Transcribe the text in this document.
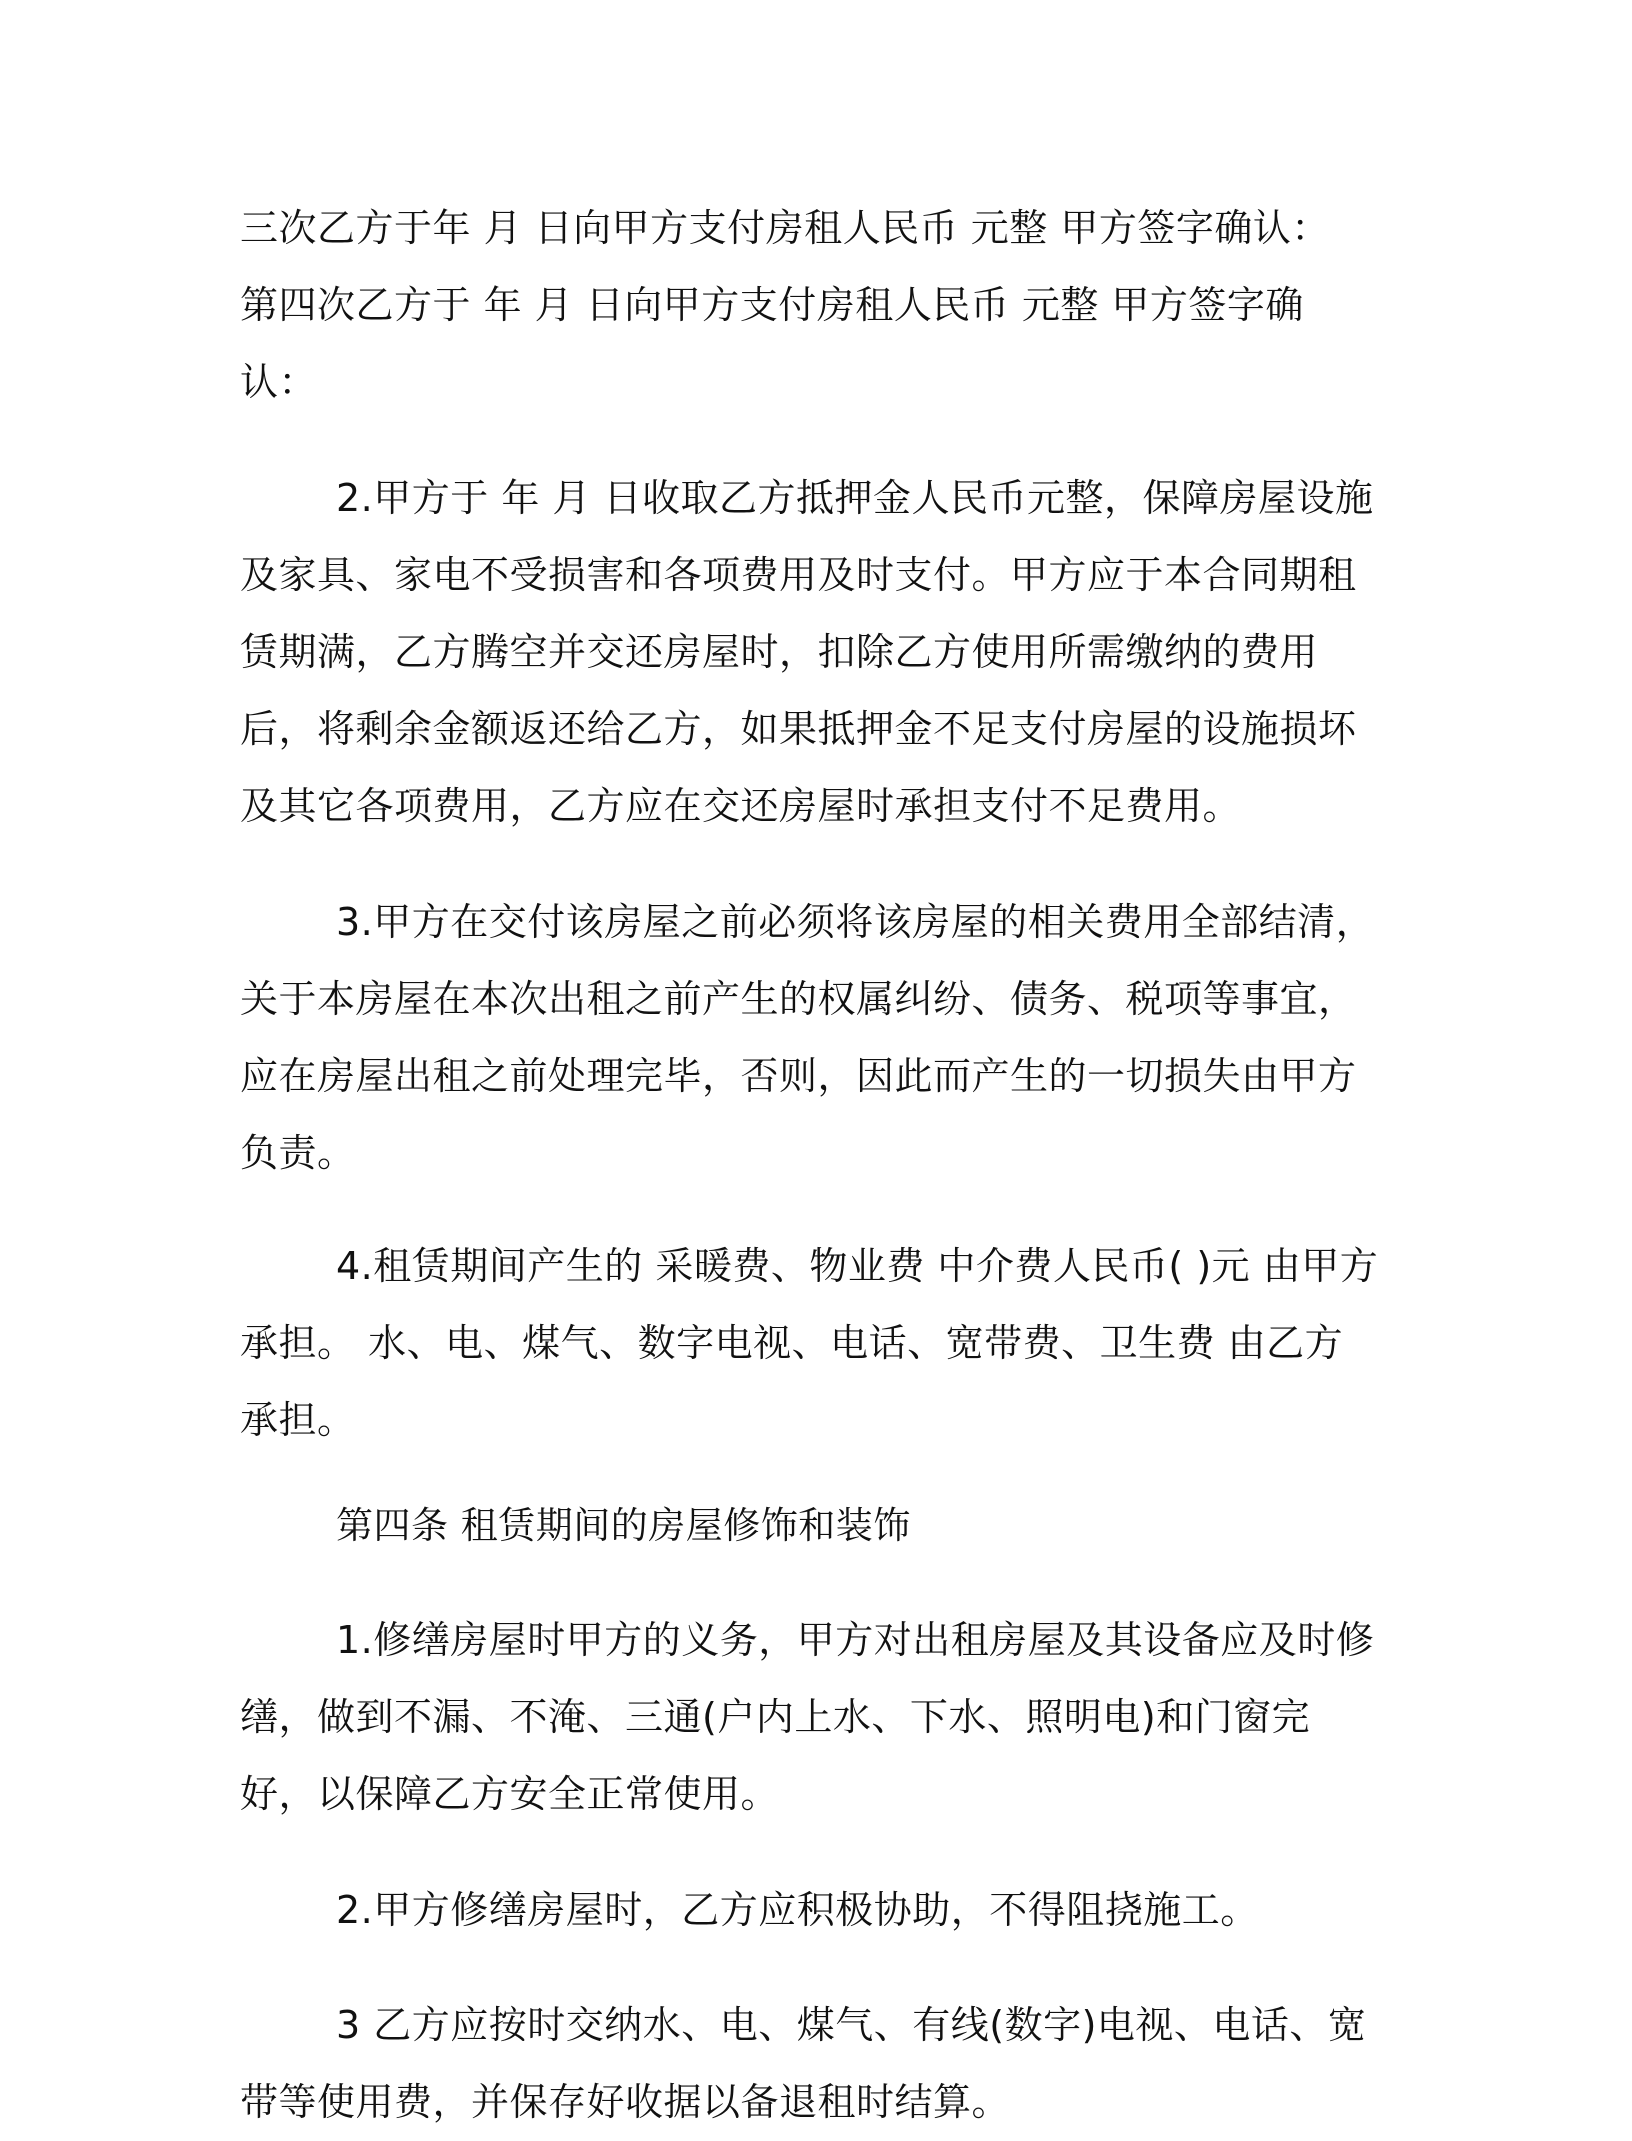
三次乙方于年 月 日向甲方支付房租人民币 元整 甲方签字确认： 第四次乙方于 年 月 日向甲方支付房租人民币 元整 甲方签字确认：

2.甲方于 年 月 日收取乙方抵押金人民币元整，保障房屋设施及家具、家电不受损害和各项费用及时支付。甲方应于本合同期租赁期满，乙方腾空并交还房屋时，扣除乙方使用所需缴纳的费用后，将剩余金额返还给乙方，如果抵押金不足支付房屋的设施损坏及其它各项费用，乙方应在交还房屋时承担支付不足费用。

3.甲方在交付该房屋之前必须将该房屋的相关费用全部结清，关于本房屋在本次出租之前产生的权属纠纷、债务、税项等事宜，应在房屋出租之前处理完毕，否则，因此而产生的一切损失由甲方负责。

4.租赁期间产生的 采暖费、物业费 中介费人民币( )元 由甲方承担。 水、电、煤气、数字电视、电话、宽带费、卫生费 由乙方承担。

第四条 租赁期间的房屋修饰和装饰

1.修缮房屋时甲方的义务，甲方对出租房屋及其设备应及时修缮，做到不漏、不淹、三通(户内上水、下水、照明电)和门窗完好，以保障乙方安全正常使用。

2.甲方修缮房屋时，乙方应积极协助，不得阻挠施工。

3 乙方应按时交纳水、电、煤气、有线(数字)电视、电话、宽带等使用费，并保存好收据以备退租时结算。
